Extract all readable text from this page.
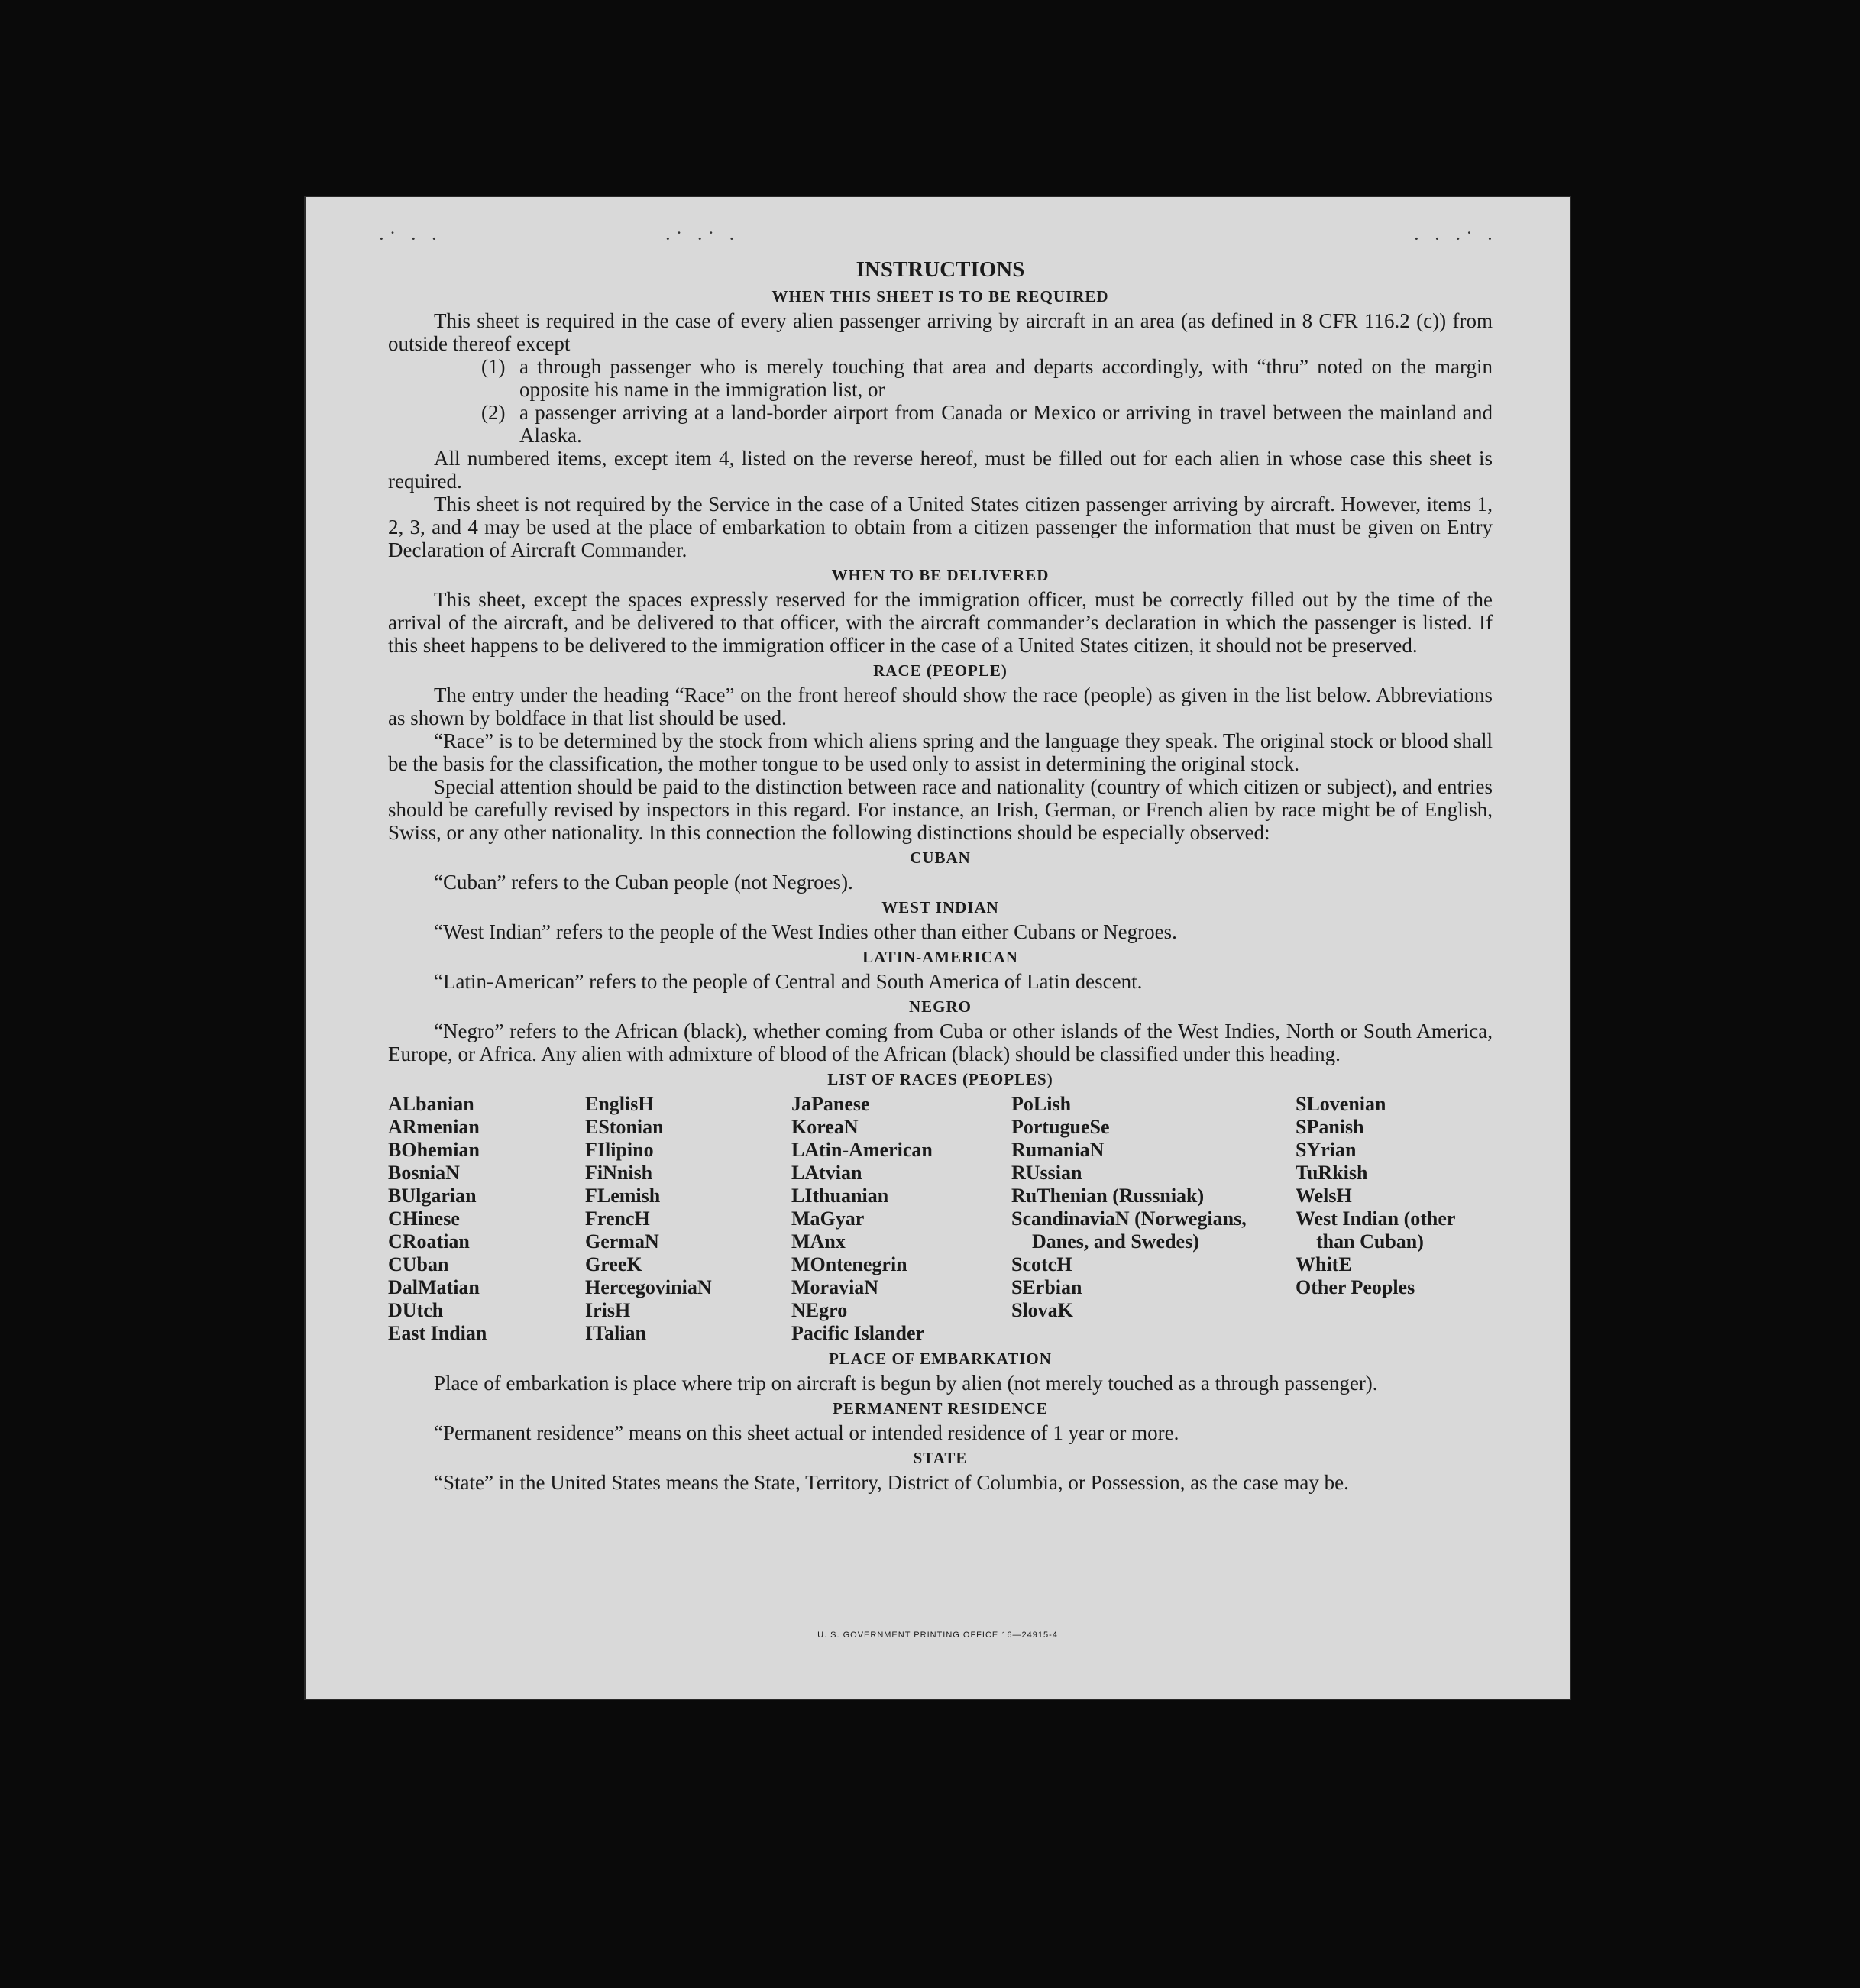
·˙ · ·	·˙ ·˙ ·	· · ·˙ ·
INSTRUCTIONS
WHEN THIS SHEET IS TO BE REQUIRED

This sheet is required in the case of every alien passenger arriving by aircraft in an area (as defined in 8 CFR 116.2 (c)) from outside thereof except

(1) a through passenger who is merely touching that area and departs accordingly, with “thru” noted on the margin opposite his name in the immigration list, or
(2) a passenger arriving at a land-border airport from Canada or Mexico or arriving in travel between the mainland and Alaska.

All numbered items, except item 4, listed on the reverse hereof, must be filled out for each alien in whose case this sheet is required.

This sheet is not required by the Service in the case of a United States citizen passenger arriving by aircraft. However, items 1, 2, 3, and 4 may be used at the place of embarkation to obtain from a citizen passenger the information that must be given on Entry Declaration of Aircraft Commander.

WHEN TO BE DELIVERED

This sheet, except the spaces expressly reserved for the immigration officer, must be correctly filled out by the time of the arrival of the aircraft, and be delivered to that officer, with the aircraft commander’s declaration in which the passenger is listed. If this sheet happens to be delivered to the immigration officer in the case of a United States citizen, it should not be preserved.

RACE (PEOPLE)

The entry under the heading “Race” on the front hereof should show the race (people) as given in the list below. Abbreviations as shown by boldface in that list should be used.

“Race” is to be determined by the stock from which aliens spring and the language they speak. The original stock or blood shall be the basis for the classification, the mother tongue to be used only to assist in determining the original stock.

Special attention should be paid to the distinction between race and nationality (country of which citizen or subject), and entries should be carefully revised by inspectors in this regard. For instance, an Irish, German, or French alien by race might be of English, Swiss, or any other nationality. In this connection the following distinctions should be especially observed:

CUBAN

“Cuban” refers to the Cuban people (not Negroes).

WEST INDIAN

“West Indian” refers to the people of the West Indies other than either Cubans or Negroes.

LATIN-AMERICAN

“Latin-American” refers to the people of Central and South America of Latin descent.

NEGRO

“Negro” refers to the African (black), whether coming from Cuba or other islands of the West Indies, North or South America, Europe, or Africa. Any alien with admixture of blood of the African (black) should be classified under this heading.

LIST OF RACES (PEOPLES)
ALbanian
ARmenian
BOhemian
BosniaN
BUlgarian
CHinese
CRoatian
CUban
DalMatian
DUtch
East Indian
EnglisH
EStonian
FIlipino
FiNnish
FLemish
FrencH
GermaN
GreeK
HercegoviniaN
IrisH
ITalian
JaPanese
KoreaN
LAtin-American
LAtvian
LIthuanian
MaGyar
MAnx
MOntenegrin
MoraviaN
NEgro
Pacific Islander
PoLish
PortugueSe
RumaniaN
RUssian
RuThenian (Russniak)
ScandinaviaN (Norwegians, Danes, and Swedes)
ScotcH
SErbian
SlovaK
SLovenian
SPanish
SYrian
TuRkish
WelsH
West Indian (other than Cuban)
WhitE
Other Peoples
PLACE OF EMBARKATION

Place of embarkation is place where trip on aircraft is begun by alien (not merely touched as a through passenger).

PERMANENT RESIDENCE

“Permanent residence” means on this sheet actual or intended residence of 1 year or more.

STATE

“State” in the United States means the State, Territory, District of Columbia, or Possession, as the case may be.

U. S. GOVERNMENT PRINTING OFFICE 16—24915-4
